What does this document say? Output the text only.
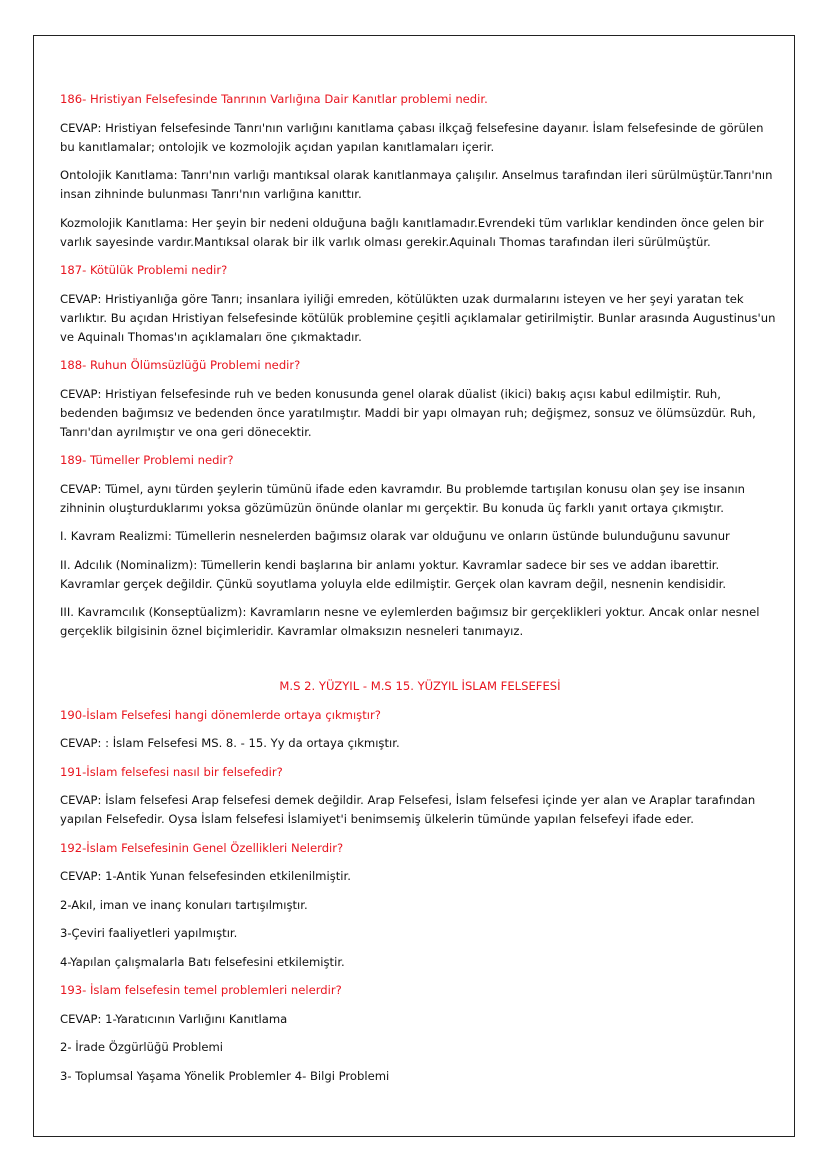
186- Hristiyan Felsefesinde Tanrının Varlığına Dair Kanıtlar problemi nedir.

CEVAP: Hristiyan felsefesinde Tanrı'nın varlığını kanıtlama çabası ilkçağ felsefesine dayanır. İslam felsefesinde de görülen bu kanıtlamalar; ontolojik ve kozmolojik açıdan yapılan kanıtlamaları içerir.

Ontolojik Kanıtlama: Tanrı'nın varlığı mantıksal olarak kanıtlanmaya çalışılır. Anselmus tarafından ileri sürülmüştür.Tanrı'nın insan zihninde bulunması Tanrı'nın varlığına kanıttır.

Kozmolojik Kanıtlama: Her şeyin bir nedeni olduğuna bağlı kanıtlamadır.Evrendeki tüm varlıklar kendinden önce gelen bir varlık sayesinde vardır.Mantıksal olarak bir ilk varlık olması gerekir.Aquinalı Thomas tarafından ileri sürülmüştür.

187- Kötülük Problemi nedir?

CEVAP: Hristiyanlığa göre Tanrı; insanlara iyiliği emreden, kötülükten uzak durmalarını isteyen ve her şeyi yaratan tek varlıktır. Bu açıdan Hristiyan felsefesinde kötülük problemine çeşitli açıklamalar getirilmiştir. Bunlar arasında Augustinus'un ve Aquinalı Thomas'ın açıklamaları öne çıkmaktadır.

188- Ruhun Ölümsüzlüğü Problemi nedir?

CEVAP: Hristiyan felsefesinde ruh ve beden konusunda genel olarak düalist (ikici) bakış açısı kabul edilmiştir. Ruh, bedenden bağımsız ve bedenden önce yaratılmıştır. Maddi bir yapı olmayan ruh; değişmez, sonsuz ve ölümsüzdür. Ruh, Tanrı'dan ayrılmıştır ve ona geri dönecektir.

189- Tümeller Problemi nedir?

CEVAP: Tümel, aynı türden şeylerin tümünü ifade eden kavramdır. Bu problemde tartışılan konusu olan şey ise insanın zihninin oluşturduklarımı yoksa gözümüzün önünde olanlar mı gerçektir. Bu konuda üç farklı yanıt ortaya çıkmıştır.

I. Kavram Realizmi: Tümellerin nesnelerden bağımsız olarak var olduğunu ve onların üstünde bulunduğunu savunur

II. Adcılık (Nominalizm): Tümellerin kendi başlarına bir anlamı yoktur. Kavramlar sadece bir ses ve addan ibarettir. Kavramlar gerçek değildir. Çünkü soyutlama yoluyla elde edilmiştir. Gerçek olan kavram değil, nesnenin kendisidir.

III. Kavramcılık (Konseptüalizm): Kavramların nesne ve eylemlerden bağımsız bir gerçeklikleri yoktur. Ancak onlar nesnel gerçeklik bilgisinin öznel biçimleridir. Kavramlar olmaksızın nesneleri tanımayız.

M.S 2. YÜZYIL - M.S 15. YÜZYIL İSLAM FELSEFESİ

190-İslam Felsefesi hangi dönemlerde ortaya çıkmıştır?

CEVAP: : İslam Felsefesi MS. 8. - 15. Yy da ortaya çıkmıştır.

191-İslam felsefesi nasıl bir felsefedir?

CEVAP: İslam felsefesi Arap felsefesi demek değildir. Arap Felsefesi, İslam felsefesi içinde yer alan ve Araplar tarafından yapılan Felsefedir. Oysa İslam felsefesi İslamiyet'i benimsemiş ülkelerin tümünde yapılan felsefeyi ifade eder.

192-İslam Felsefesinin Genel Özellikleri Nelerdir?

CEVAP: 1-Antik Yunan felsefesinden etkilenilmiştir.

2-Akıl, iman ve inanç konuları tartışılmıştır.

3-Çeviri faaliyetleri yapılmıştır.

4-Yapılan çalışmalarla Batı felsefesini etkilemiştir.

193- İslam felsefesin temel problemleri nelerdir?

CEVAP: 1-Yaratıcının Varlığını Kanıtlama

2- İrade Özgürlüğü Problemi

3- Toplumsal Yaşama Yönelik Problemler 4- Bilgi Problemi
